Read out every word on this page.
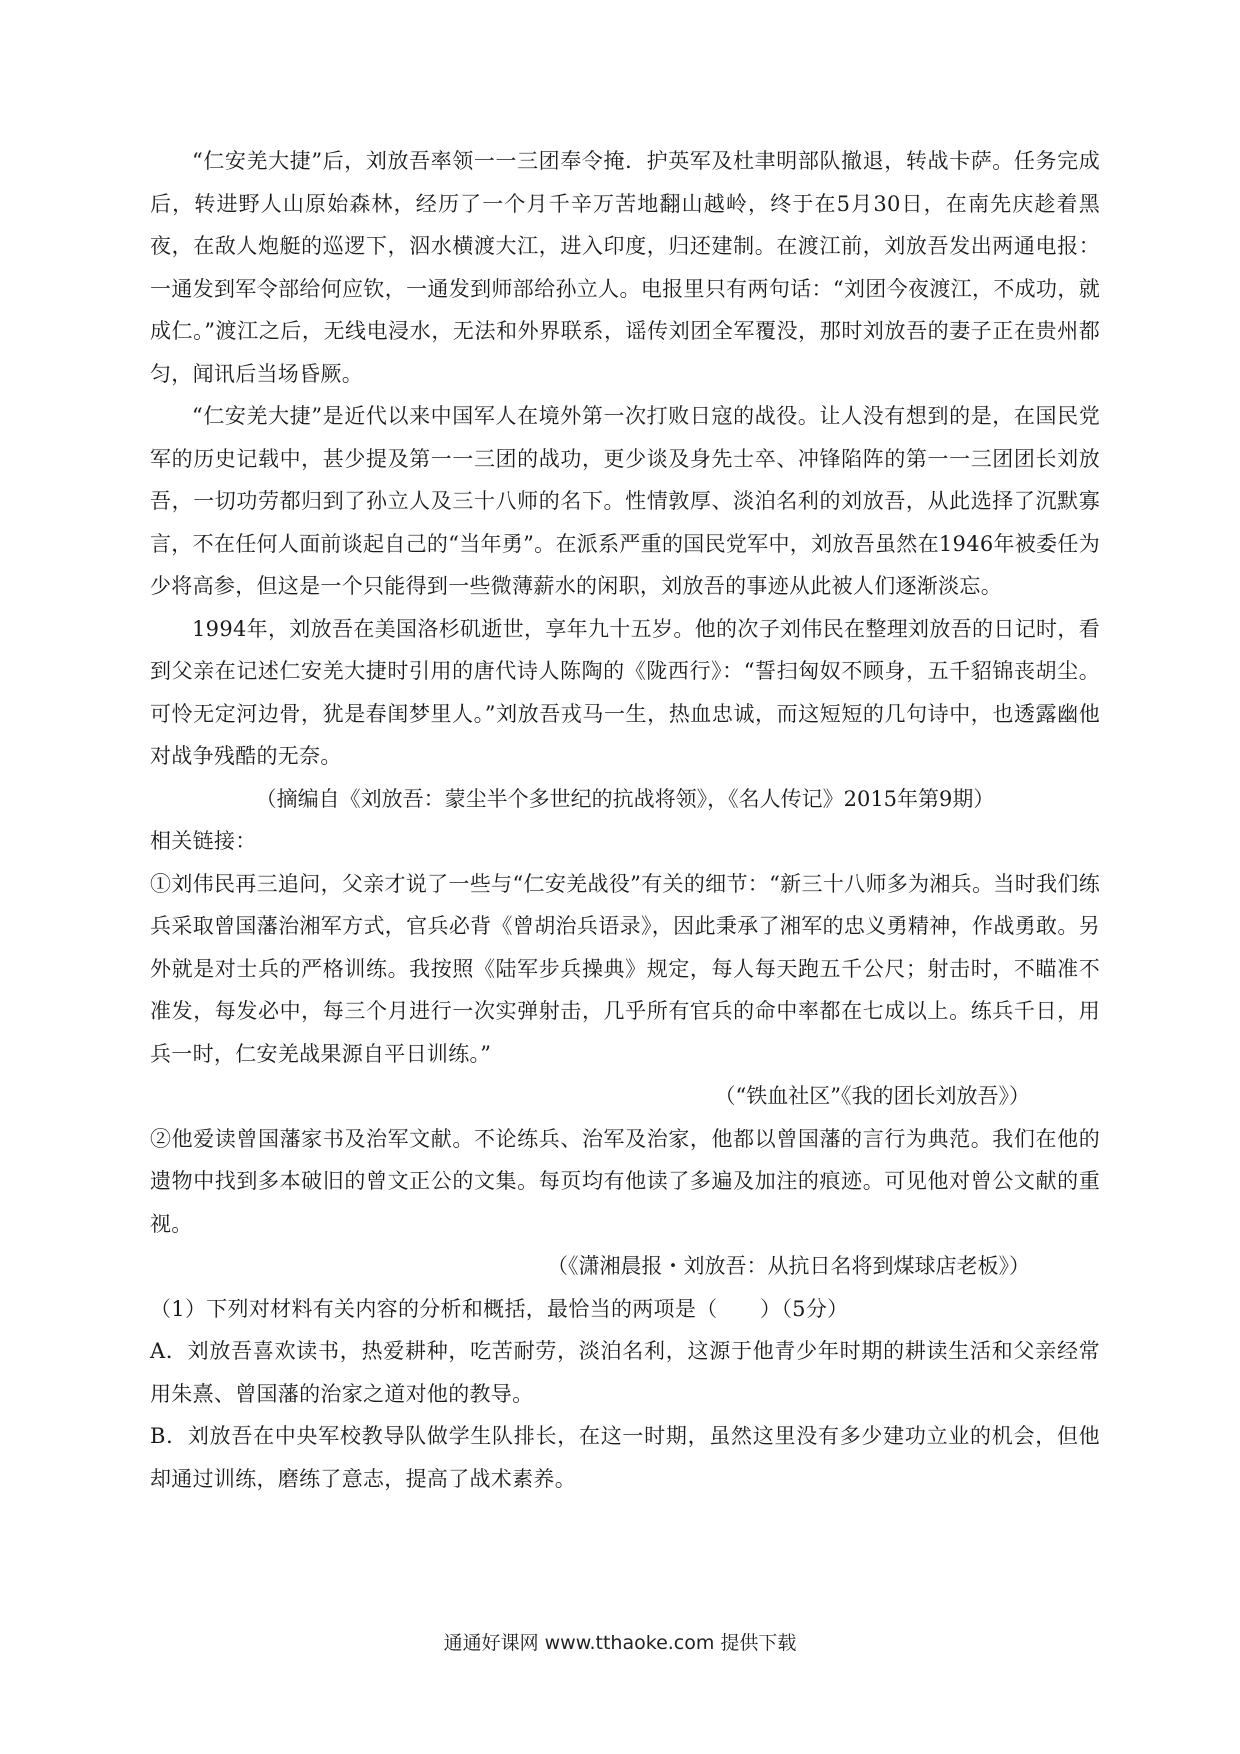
“仁安羌大捷”后，刘放吾率领一一三团奉令掩．护英军及杜聿明部队撤退，转战卡萨。任务完成后，转进野人山原始森林，经历了一个月千辛万苦地翻山越岭，终于在5月30日，在南先庆趁着黑夜，在敌人炮艇的巡逻下，泅水横渡大江，进入印度，归还建制。在渡江前，刘放吾发出两通电报：一通发到军令部给何应钦，一通发到师部给孙立人。电报里只有两句话：“刘团今夜渡江，不成功，就成仁。”渡江之后，无线电浸水，无法和外界联系，谣传刘团全军覆没，那时刘放吾的妻子正在贵州都匀，闻讯后当场昏厥。

“仁安羌大捷”是近代以来中国军人在境外第一次打败日寇的战役。让人没有想到的是，在国民党军的历史记载中，甚少提及第一一三团的战功，更少谈及身先士卒、冲锋陷阵的第一一三团团长刘放吾，一切功劳都归到了孙立人及三十八师的名下。性情敦厚、淡泊名利的刘放吾，从此选择了沉默寡言，不在任何人面前谈起自己的“当年勇”。在派系严重的国民党军中，刘放吾虽然在1946年被委任为少将高参，但这是一个只能得到一些微薄薪水的闲职，刘放吾的事迹从此被人们逐渐淡忘。

1994年，刘放吾在美国洛杉矶逝世，享年九十五岁。他的次子刘伟民在整理刘放吾的日记时，看到父亲在记述仁安羌大捷时引用的唐代诗人陈陶的《陇西行》：“誓扫匈奴不顾身，五千貂锦丧胡尘。可怜无定河边骨，犹是春闺梦里人。”刘放吾戎马一生，热血忠诚，而这短短的几句诗中，也透露幽他对战争残酷的无奈。

（摘编自《刘放吾：蒙尘半个多世纪的抗战将领》，《名人传记》2015年第9期）

相关链接：

①刘伟民再三追问，父亲才说了一些与“仁安羌战役”有关的细节：“新三十八师多为湘兵。当时我们练兵采取曾国藩治湘军方式，官兵必背《曾胡治兵语录》，因此秉承了湘军的忠义勇精神，作战勇敢。另外就是对士兵的严格训练。我按照《陆军步兵操典》规定，每人每天跑五千公尺；射击时，不瞄准不准发，每发必中，每三个月进行一次实弹射击，几乎所有官兵的命中率都在七成以上。练兵千日，用兵一时，仁安羌战果源自平日训练。”

（“铁血社区”《我的团长刘放吾》）

②他爱读曾国藩家书及治军文献。不论练兵、治军及治家，他都以曾国藩的言行为典范。我们在他的遗物中找到多本破旧的曾文正公的文集。每页均有他读了多遍及加注的痕迹。可见他对曾公文献的重视。

（《潇湘晨报・刘放吾：从抗日名将到煤球店老板》）

（1）下列对材料有关内容的分析和概括，最恰当的两项是（　　）（5分）

A．刘放吾喜欢读书，热爱耕种，吃苦耐劳，淡泊名利，这源于他青少年时期的耕读生活和父亲经常用朱熹、曾国藩的治家之道对他的教导。

B．刘放吾在中央军校教导队做学生队排长，在这一时期，虽然这里没有多少建功立业的机会，但他却通过训练，磨练了意志，提高了战术素养。

通通好课网 www.tthaoke.com 提供下载
